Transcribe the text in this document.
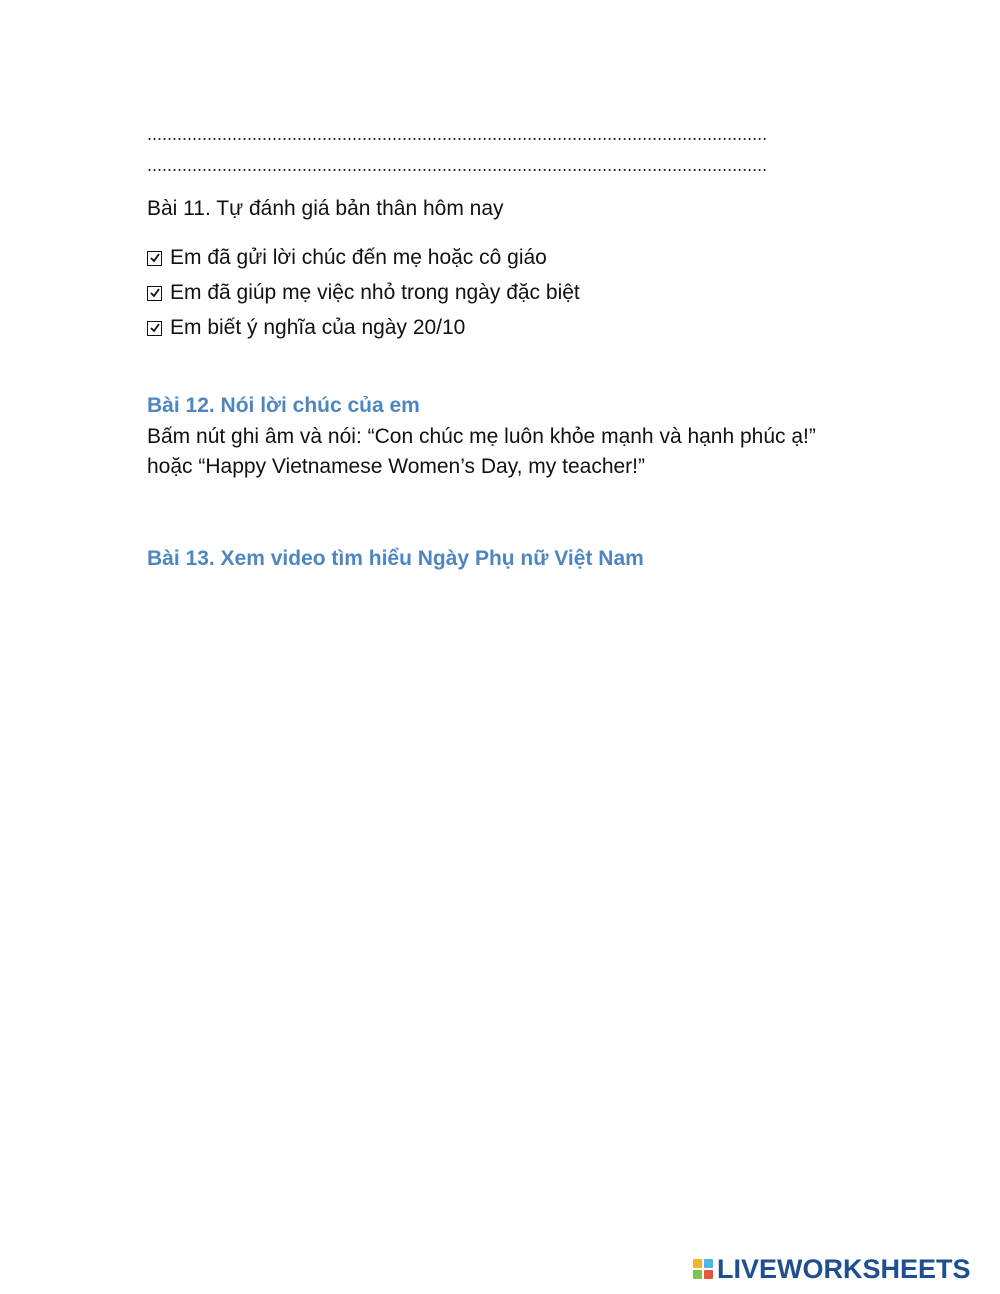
............................................................................................................................
............................................................................................................................
Bài 11. Tự đánh giá bản thân hôm nay
Em đã gửi lời chúc đến mẹ hoặc cô giáo
Em đã giúp mẹ việc nhỏ trong ngày đặc biệt
Em biết ý nghĩa của ngày 20/10
Bài 12. Nói lời chúc của em
Bấm nút ghi âm và nói: “Con chúc mẹ luôn khỏe mạnh và hạnh phúc ạ!” hoặc “Happy Vietnamese Women’s Day, my teacher!”
Bài 13. Xem video tìm hiểu Ngày Phụ nữ Việt Nam
LIVEWORKSHEETS
